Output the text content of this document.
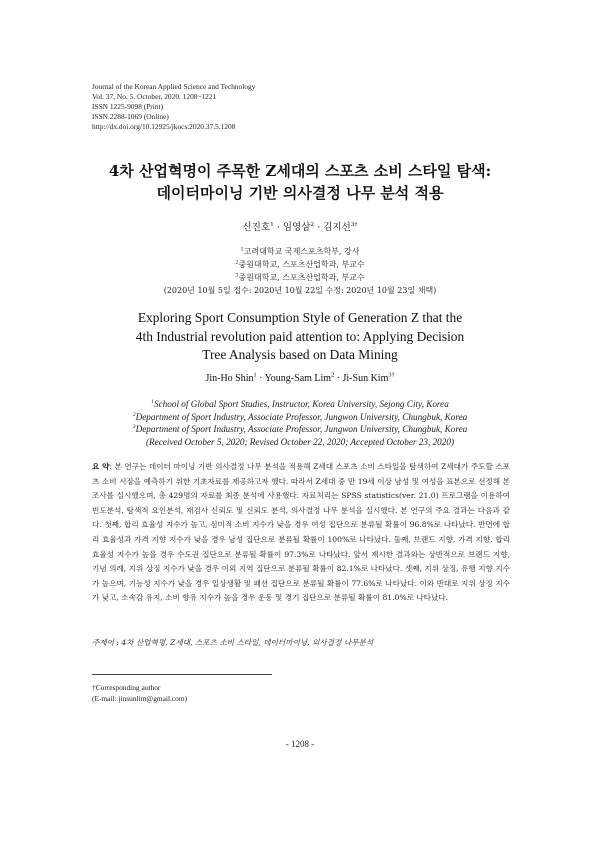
Journal of the Korean Applied Science and Technology
Vol. 37, No. 5. October, 2020. 1208~1221
ISSN 1225-9098 (Print)
ISSN 2288-1069 (Online)
http://dx.doi.org/10.12925/jkocs.2020.37.5.1208
4차 산업혁명이 주목한 Z세대의 스포츠 소비 스타일 탐색:
데이터마이닝 기반 의사결정 나무 분석 적용
신진호$^1$ · 임영삼$^2$ · 김지선$^{3\dagger}$
$^1$고려대학교 국제스포츠학부, 강사
$^2$중원대학교, 스포츠산업학과, 부교수
$^3$중원대학교, 스포츠산업학과, 부교수
(2020년 10월 5일 접수: 2020년 10월 22일 수정: 2020년 10월 23일 채택)
Exploring Sport Consumption Style of Generation Z that the
4th Industrial revolution paid attention to: Applying Decision
Tree Analysis based on Data Mining
Jin-Ho Shin$^1$ · Young-Sam Lim$^2$ · Ji-Sun Kim$^{3\dagger}$
$^1$School of Global Sport Studies, Instructor, Korea University, Sejong City, Korea
$^2$Department of Sport Industry, Associate Professor, Jungwon University, Chungbuk, Korea
$^3$Department of Sport Industry, Associate Professor, Jungwon University, Chungbuk, Korea
(Received October 5, 2020; Revised October 22, 2020; Accepted October 23, 2020)
요 약: 본 연구는 데이터 마이닝 기반 의사결정 나무 분석을 적용해 Z세대 스포츠 소비 스타일을 탐색하여 Z세대가 주도할 스포츠 소비 시장을 예측하기 위한 기초자료를 제공하고자 했다. 따라서 Z세대 중 만 19세 이상 남성 및 여성을 표본으로 선정해 본 조사를 실시했으며, 총 429명의 자료를 최종 분석에 사용했다. 자료처리는 SPSS statistics(ver. 21.0) 프로그램을 이용하여 빈도분석, 탐색적 요인분석, 재검사 신뢰도 및 신뢰도 분석, 의사결정 나무 분석을 실시했다. 본 연구의 주요 결과는 다음과 같다. 첫째, 합리 효율성 지수가 높고, 심미적 소비 지수가 낮을 경우 여성 집단으로 분류될 확률이 96.8%로 나타났다. 반면에 합리 효율성과 가격 지향 지수가 낮을 경우 남성 집단으로 분류될 확률이 100%로 나타났다. 둘째, 브랜드 지향, 가격 지향, 합리 효율성 지수가 높을 경우 수도권 집단으로 분류될 확률이 97.3%로 나타났다. 앞서 제시한 결과와는 상반적으로 브랜드 지향, 기념 의례, 지위 상징 지수가 낮을 경우 이외 지역 집단으로 분류될 확률이 82.1%로 나타났다. 셋째, 지위 상징, 유행 지향 지수가 높으며, 기능성 지수가 낮을 경우 일상생활 및 패션 집단으로 분류될 확률이 77.6%로 나타났다. 이와 반대로 지위 상징 지수가 낮고, 소속감 유지, 소비 향유 지수가 높을 경우 운동 및 경기 집단으로 분류될 확률이 81.0%로 나타났다.
주제어 : 4차 산업혁명, Z세대, 스포츠 소비 스타일, 데이터마이닝, 의사결정 나무분석
†Corresponding author
(E-mail: jinsunlim@gmail.com)
- 1208 -
